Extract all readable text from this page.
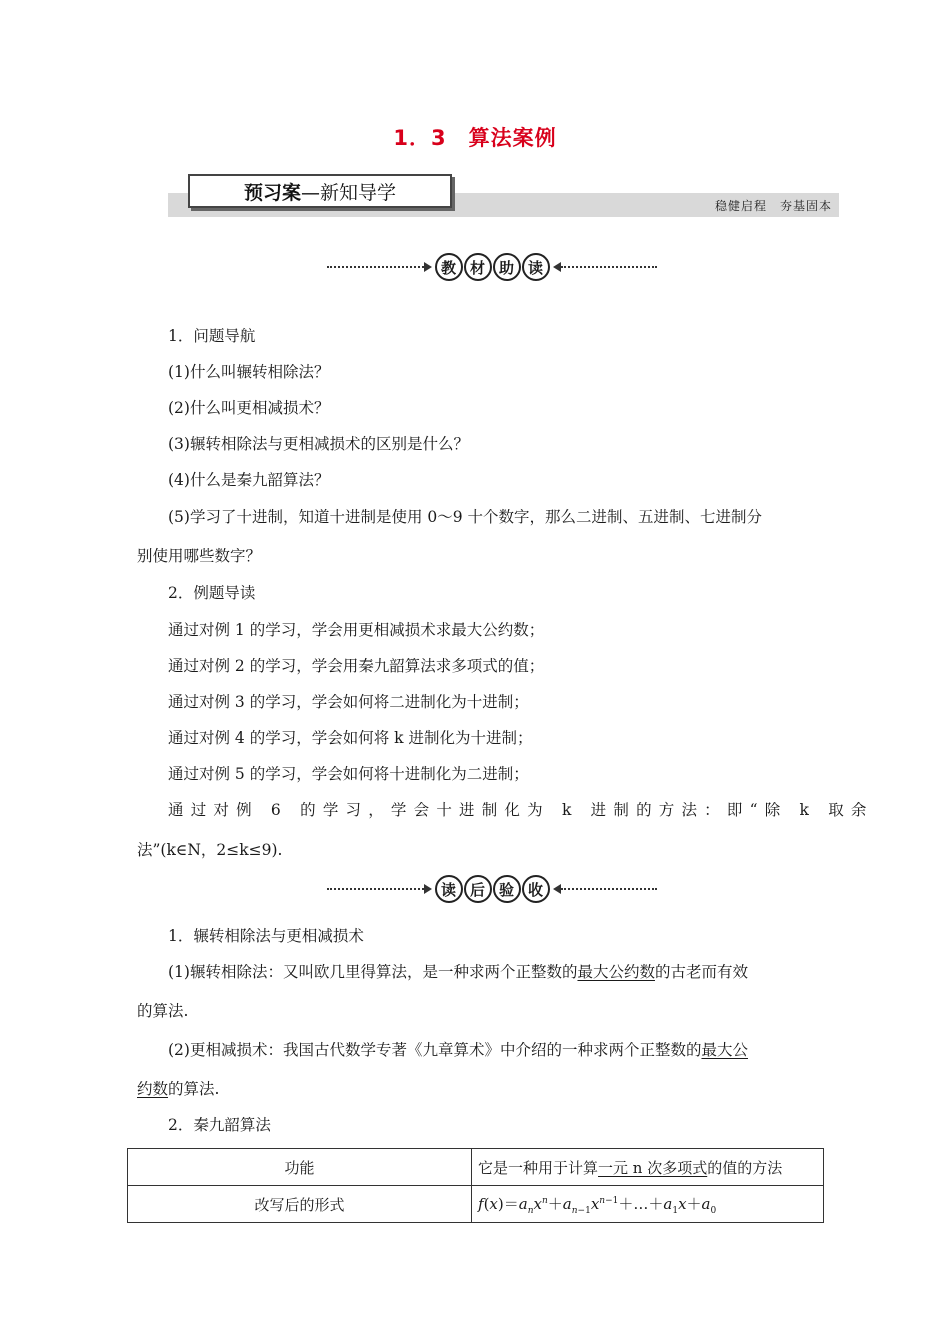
1．3　算法案例
预习案 —新知导学
稳健启程　夯基固本
教 材 助 读
1．问题导航
(1)什么叫辗转相除法？
(2)什么叫更相减损术？
(3)辗转相除法与更相减损术的区别是什么？
(4)什么是秦九韶算法？
(5)学习了十进制，知道十进制是使用 0～9 十个数字，那么二进制、五进制、七进制分
别使用哪些数字？
2．例题导读
通过对例 1 的学习，学会用更相减损术求最大公约数；
通过对例 2 的学习，学会用秦九韶算法求多项式的值；
通过对例 3 的学习，学会如何将二进制化为十进制；
通过对例 4 的学习，学会如何将 k 进制化为十进制；
通过对例 5 的学习，学会如何将十进制化为二进制；
通过对例 6 的学习，学会十进制化为 k 进制的方法：即“除 k 取余
法”(k∈N，2≤k≤9).
读 后 验 收
1．辗转相除法与更相减损术
(1)辗转相除法：又叫欧几里得算法，是一种求两个正整数的最大公约数的古老而有效
的算法.
(2)更相减损术：我国古代数学专著《九章算术》中介绍的一种求两个正整数的最大公
约数的算法.
2．秦九韶算法
功能	它是一种用于计算一元 n 次多项式的值的方法
改写后的形式	$f(x)=a_nx^n+a_{n-1}x^{n-1}+\dots+a_1x+a_0$
